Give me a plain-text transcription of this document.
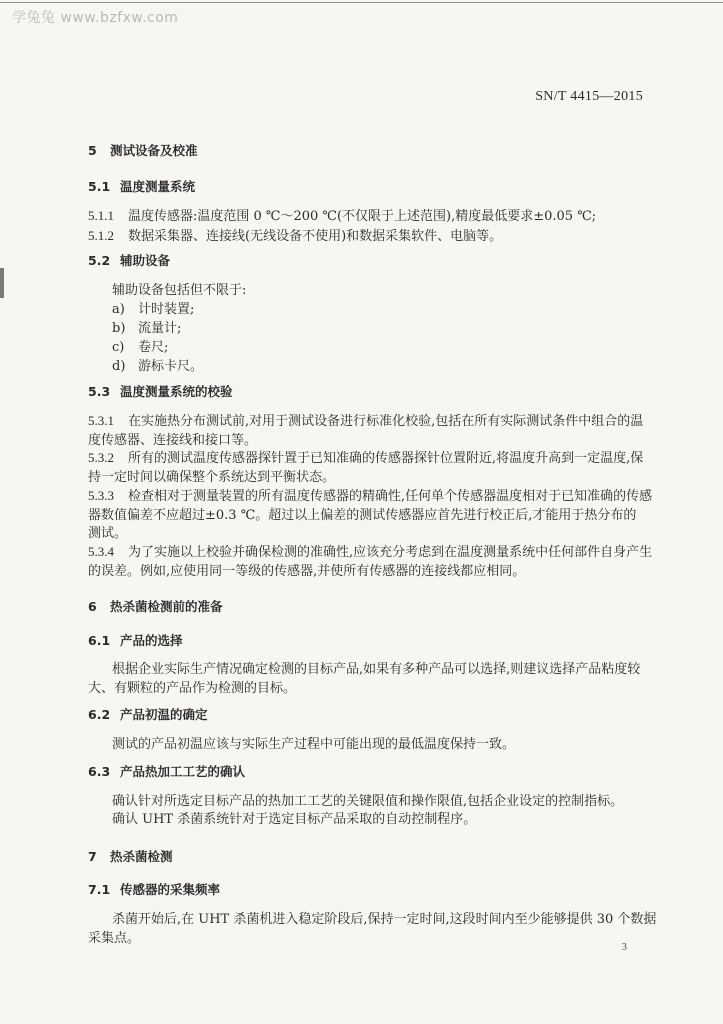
学兔兔 www.bzfxw.com
SN/T 4415—2015
5 测试设备及校准
5.1 温度测量系统
5.1.1 温度传感器:温度范围 0 ℃～200 ℃(不仅限于上述范围),精度最低要求±0.05 ℃;
5.1.2 数据采集器、连接线(无线设备不使用)和数据采集软件、电脑等。
5.2 辅助设备
辅助设备包括但不限于:
a) 计时装置;
b) 流量计;
c) 卷尺;
d) 游标卡尺。
5.3 温度测量系统的校验
5.3.1 在实施热分布测试前,对用于测试设备进行标准化校验,包括在所有实际测试条件中组合的温
度传感器、连接线和接口等。
5.3.2 所有的测试温度传感器探针置于已知准确的传感器探针位置附近,将温度升高到一定温度,保
持一定时间以确保整个系统达到平衡状态。
5.3.3 检查相对于测量装置的所有温度传感器的精确性,任何单个传感器温度相对于已知准确的传感
器数值偏差不应超过±0.3 ℃。超过以上偏差的测试传感器应首先进行校正后,才能用于热分布的
测试。
5.3.4 为了实施以上校验并确保检测的准确性,应该充分考虑到在温度测量系统中任何部件自身产生
的误差。例如,应使用同一等级的传感器,并使所有传感器的连接线都应相同。
6 热杀菌检测前的准备
6.1 产品的选择
根据企业实际生产情况确定检测的目标产品,如果有多种产品可以选择,则建议选择产品粘度较
大、有颗粒的产品作为检测的目标。
6.2 产品初温的确定
测试的产品初温应该与实际生产过程中可能出现的最低温度保持一致。
6.3 产品热加工工艺的确认
确认针对所选定目标产品的热加工工艺的关键限值和操作限值,包括企业设定的控制指标。
确认 UHT 杀菌系统针对于选定目标产品采取的自动控制程序。
7 热杀菌检测
7.1 传感器的采集频率
杀菌开始后,在 UHT 杀菌机进入稳定阶段后,保持一定时间,这段时间内至少能够提供 30 个数据
采集点。
3
